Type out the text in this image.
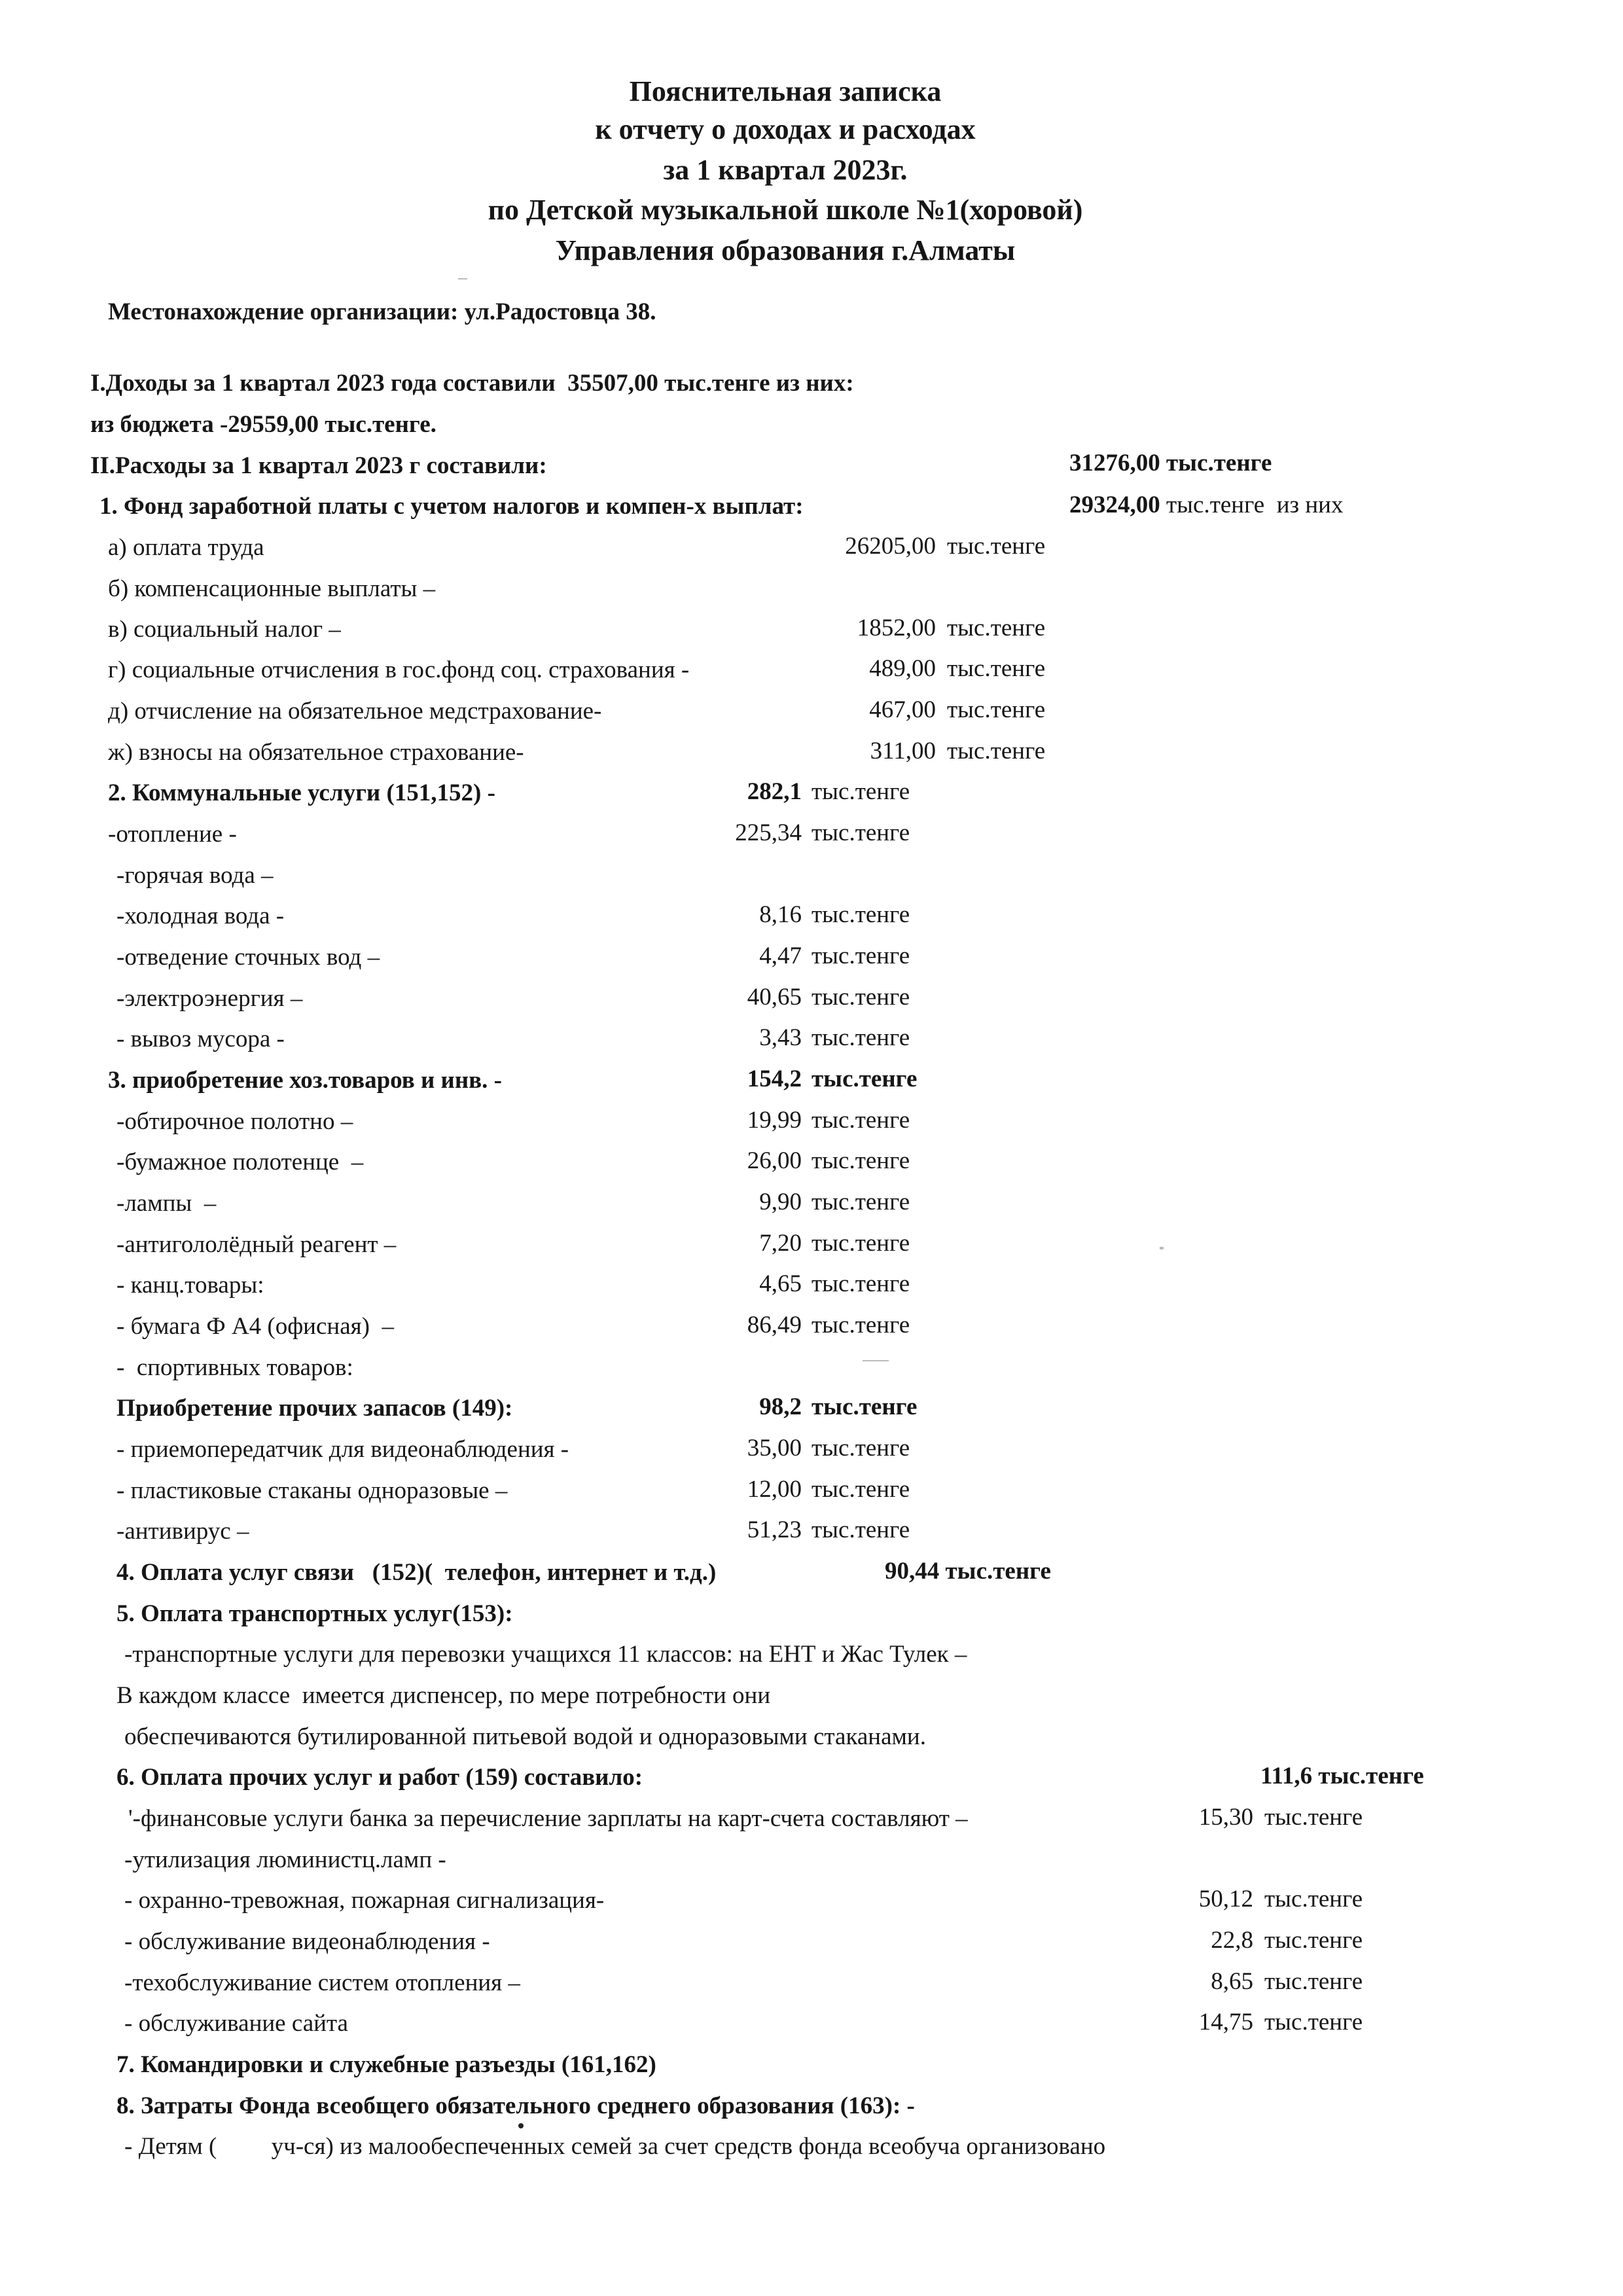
Пояснительная записка
к отчету о доходах и расходах
за 1 квартал 2023г.
по Детской музыкальной школе №1(хоровой)
Управления образования г.Алматы
Местонахождение организации: ул.Радостовца 38.
I.Доходы за 1 квартал 2023 года составили  35507,00 тыс.тенге из них:
из бюджета -29559,00 тыс.тенге.
II.Расходы за 1 квартал 2023 г составили:	31276,00 тыс.тенге
1. Фонд заработной платы с учетом налогов и компен-х выплат:	29324,00 тыс.тенге  из них
а) оплата труда	26205,00 тыс.тенге
б) компенсационные выплаты –
в) социальный налог –	1852,00 тыс.тенге
г) социальные отчисления в гос.фонд соц. страхования -	489,00 тыс.тенге
д) отчисление на обязательное медстрахование-	467,00 тыс.тенге
ж) взносы на обязательное страхование-	311,00 тыс.тенге
2. Коммунальные услуги (151,152) -	282,1 тыс.тенге
-отопление -	225,34 тыс.тенге
-горячая вода –
-холодная вода -	8,16 тыс.тенге
-отведение сточных вод –	4,47 тыс.тенге
-электроэнергия –	40,65 тыс.тенге
- вывоз мусора -	3,43 тыс.тенге
3. приобретение хоз.товаров и инв. -	154,2 тыс.тенге
-обтирочное полотно –	19,99 тыс.тенге
-бумажное полотенце  –	26,00 тыс.тенге
-лампы  –	9,90 тыс.тенге
-антигололёдный реагент –	7,20 тыс.тенге
- канц.товары:	4,65 тыс.тенге
- бумага Ф А4 (офисная)  –	86,49 тыс.тенге
-  спортивных товаров:
Приобретение прочих запасов (149):	98,2 тыс.тенге
- приемопередатчик для видеонаблюдения -	35,00 тыс.тенге
- пластиковые стаканы одноразовые –	12,00 тыс.тенге
-антивирус –	51,23 тыс.тенге
4. Оплата услуг связи   (152)(  телефон, интернет и т.д.)	90,44 тыс.тенге
5. Оплата транспортных услуг(153):
-транспортные услуги для перевозки учащихся 11 классов: на ЕНТ и Жас Тулек –
В каждом классе  имеется диспенсер, по мере потребности они
обеспечиваются бутилированной питьевой водой и одноразовыми стаканами.
6. Оплата прочих услуг и работ (159) составило:	111,6 тыс.тенге
'-финансовые услуги банка за перечисление зарплаты на карт-счета составляют –	15,30 тыс.тенге
-утилизация люминистц.ламп -
- охранно-тревожная, пожарная сигнализация-	50,12 тыс.тенге
- обслуживание видеонаблюдения -	22,8 тыс.тенге
-техобслуживание систем отопления –	8,65 тыс.тенге
- обслуживание сайта	14,75 тыс.тенге
7. Командировки и служебные разъезды (161,162)
8. Затраты Фонда всеобщего обязательного среднего образования (163): -
- Детям (         уч-ся) из малообеспеченных семей за счет средств фонда всеобуча организовано
